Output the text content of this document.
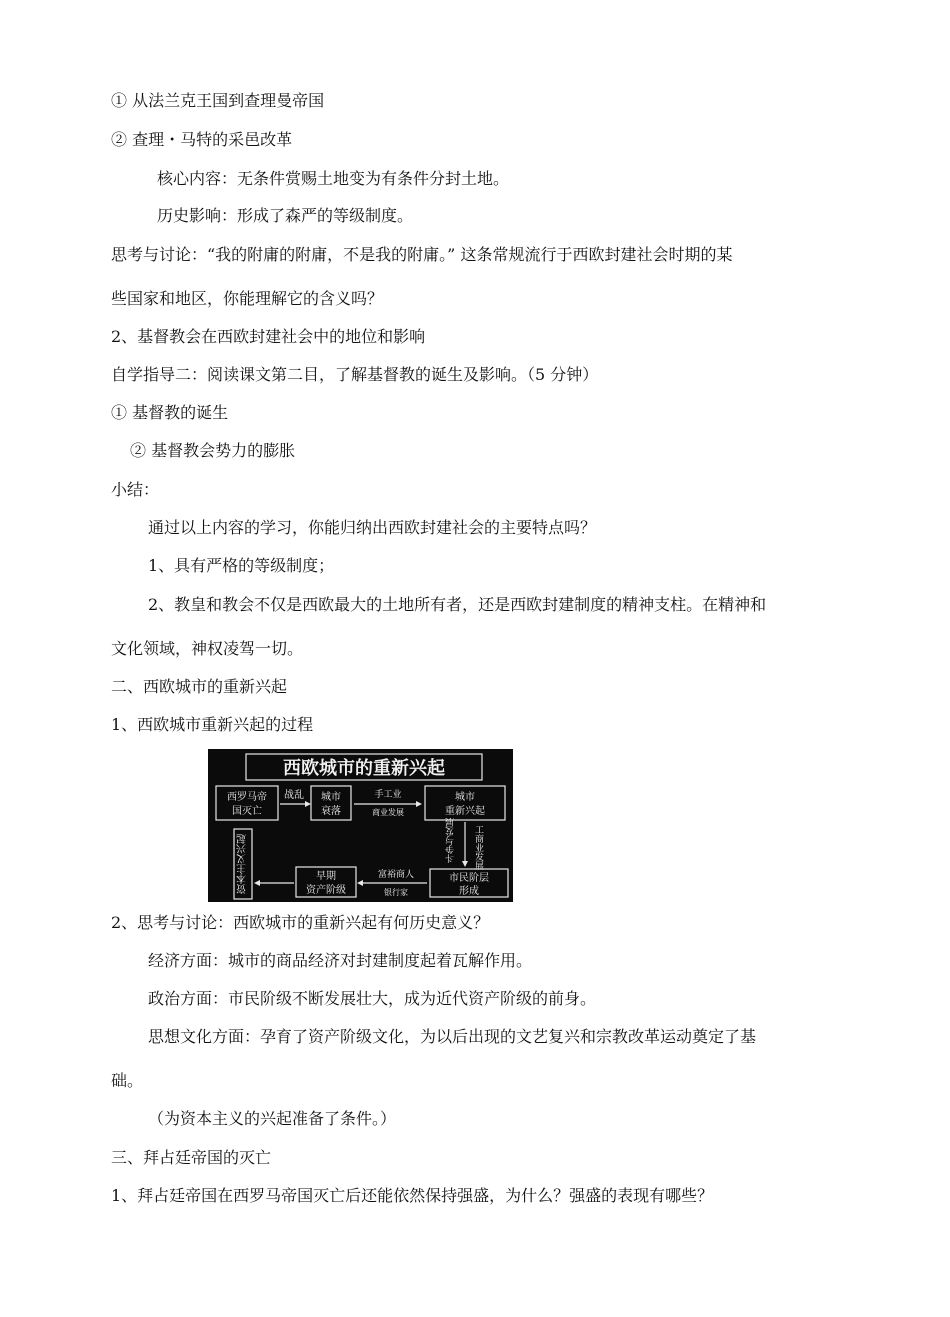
① 从法兰克王国到查理曼帝国
② 查理・马特的采邑改革
核心内容：无条件赏赐土地变为有条件分封土地。
历史影响：形成了森严的等级制度。
思考与讨论：“我的附庸的附庸，不是我的附庸。” 这条常规流行于西欧封建社会时期的某
些国家和地区，你能理解它的含义吗？
2、基督教会在西欧封建社会中的地位和影响
自学指导二：阅读课文第二目，了解基督教的诞生及影响。（5 分钟）
① 基督教的诞生
② 基督教会势力的膨胀
小结：
通过以上内容的学习，你能归纳出西欧封建社会的主要特点吗？
1、具有严格的等级制度；
2、教皇和教会不仅是西欧最大的土地所有者，还是西欧封建制度的精神支柱。在精神和
文化领域，神权凌驾一切。
二、西欧城市的重新兴起
1、西欧城市重新兴起的过程
西欧城市的重新兴起
西罗马帝
国灭亡
战乱 城市
衰落
手工业
商业发展
城市
重新兴起
斗争与发展 工商业发展
市民阶层
形成
富裕商人
银行家
早期
资产阶级
资本主义兴起
2、思考与讨论：西欧城市的重新兴起有何历史意义？
经济方面：城市的商品经济对封建制度起着瓦解作用。
政治方面：市民阶级不断发展壮大，成为近代资产阶级的前身。
思想文化方面：孕育了资产阶级文化，为以后出现的文艺复兴和宗教改革运动奠定了基
础。
（为资本主义的兴起准备了条件。）
三、拜占廷帝国的灭亡
1、拜占廷帝国在西罗马帝国灭亡后还能依然保持强盛，为什么？强盛的表现有哪些？
